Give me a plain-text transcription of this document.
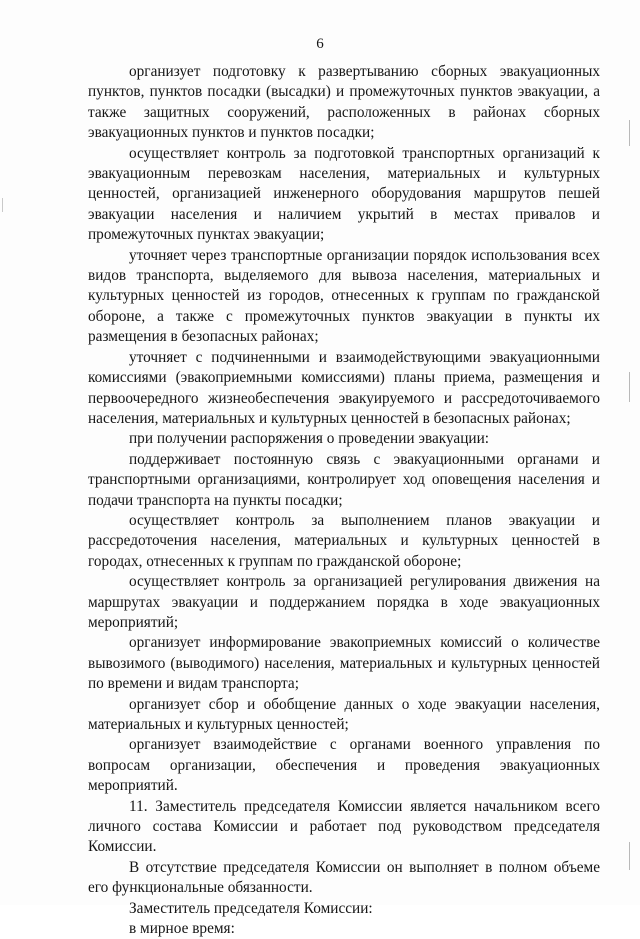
6

организует подготовку к развертыванию сборных эвакуационных пунктов, пунктов посадки (высадки) и промежуточных пунктов эвакуации, а также защитных сооружений, расположенных в районах сборных эвакуационных пунктов и пунктов посадки;

осуществляет контроль за подготовкой транспортных организаций к эвакуационным перевозкам населения, материальных и культурных ценностей, организацией инженерного оборудования маршрутов пешей эвакуации населения и наличием укрытий в местах привалов и промежуточных пунктах эвакуации;

уточняет через транспортные организации порядок использования всех видов транспорта, выделяемого для вывоза населения, материальных и культурных ценностей из городов, отнесенных к группам по гражданской обороне, а также с промежуточных пунктов эвакуации в пункты их размещения в безопасных районах;

уточняет с подчиненными и взаимодействующими эвакуационными комиссиями (эвакоприемными комиссиями) планы приема, размещения и первоочередного жизнеобеспечения эвакуируемого и рассредоточиваемого населения, материальных и культурных ценностей в безопасных районах;

при получении распоряжения о проведении эвакуации:

поддерживает постоянную связь с эвакуационными органами и транспортными организациями, контролирует ход оповещения населения и подачи транспорта на пункты посадки;

осуществляет контроль за выполнением планов эвакуации и рассредоточения населения, материальных и культурных ценностей в городах, отнесенных к группам по гражданской обороне;

осуществляет контроль за организацией регулирования движения на маршрутах эвакуации и поддержанием порядка в ходе эвакуационных мероприятий;

организует информирование эвакоприемных комиссий о количестве вывозимого (выводимого) населения, материальных и культурных ценностей по времени и видам транспорта;

организует сбор и обобщение данных о ходе эвакуации населения, материальных и культурных ценностей;

организует взаимодействие с органами военного управления по вопросам организации, обеспечения и проведения эвакуационных мероприятий.

11. Заместитель председателя Комиссии является начальником всего личного состава Комиссии и работает под руководством председателя Комиссии.

В отсутствие председателя Комиссии он выполняет в полном объеме его функциональные обязанности.

Заместитель председателя Комиссии:

в мирное время:
